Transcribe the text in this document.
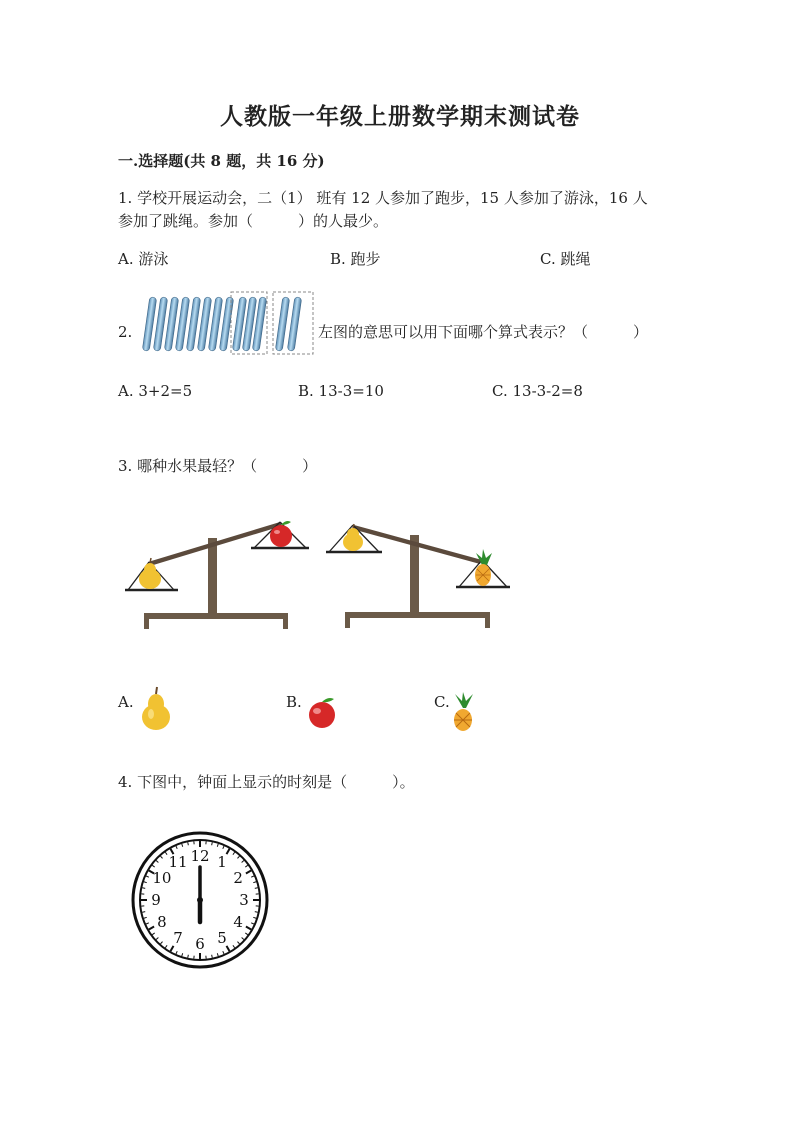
人教版一年级上册数学期末测试卷
一.选择题(共 8 题，共 16 分)
1. 学校开展运动会，二（1） 班有 12 人参加了跑步，15 人参加了游泳，16 人
参加了跳绳。参加（　　　）的人最少。
A. 游泳	B. 跑步	C. 跳绳
2.	左图的意思可以用下面哪个算式表示？（　　　）
A. 3+2=5	B. 13-3=10	C. 13-3-2=8
3. 哪种水果最轻？（　　　）
A.	B.	C.
4. 下图中，钟面上显示的时刻是（　　　）。
12 1
2
3
4
5
6
7
8
9
10
11
